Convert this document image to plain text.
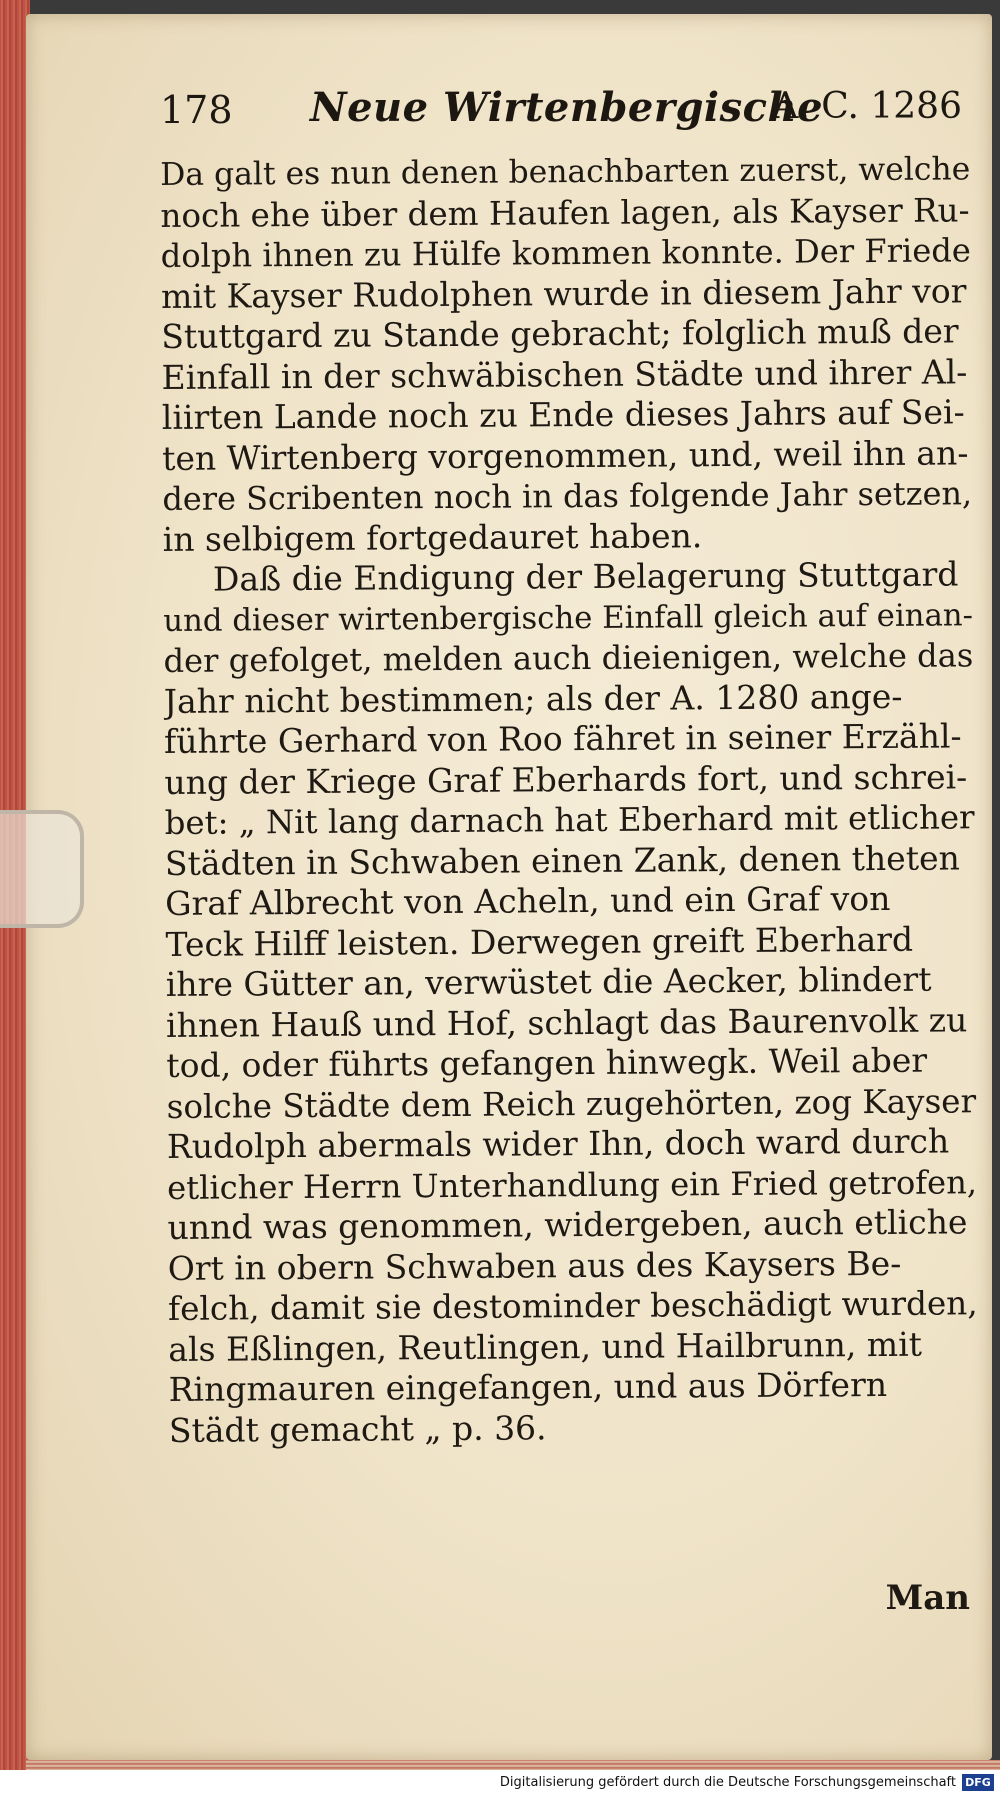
178 Neue Wirtenbergische
A. C. 1286
Da galt es nun denen benachbarten zuerst, welche
noch ehe über dem Haufen lagen, als Kayser Ru-
dolph ihnen zu Hülfe kommen konnte. Der Friede
mit Kayser Rudolphen wurde in diesem Jahr vor
Stuttgard zu Stande gebracht; folglich muß der
Einfall in der schwäbischen Städte und ihrer Al-
liirten Lande noch zu Ende dieses Jahrs auf Sei-
ten Wirtenberg vorgenommen, und, weil ihn an-
dere Scribenten noch in das folgende Jahr setzen,
in selbigem fortgedauret haben.
Daß die Endigung der Belagerung Stuttgard
und dieser wirtenbergische Einfall gleich auf einan-
der gefolget, melden auch dieienigen, welche das
Jahr nicht bestimmen; als der A. 1280 ange-
führte Gerhard von Roo fähret in seiner Erzähl-
ung der Kriege Graf Eberhards fort, und schrei-
bet: „ Nit lang darnach hat Eberhard mit etlicher
Städten in Schwaben einen Zank, denen theten
Graf Albrecht von Acheln, und ein Graf von
Teck Hilff leisten. Derwegen greift Eberhard
ihre Gütter an, verwüstet die Aecker, blindert
ihnen Hauß und Hof, schlagt das Baurenvolk zu
tod, oder führts gefangen hinwegk. Weil aber
solche Städte dem Reich zugehörten, zog Kayser
Rudolph abermals wider Ihn, doch ward durch
etlicher Herrn Unterhandlung ein Fried getrofen,
unnd was genommen, widergeben, auch etliche
Ort in obern Schwaben aus des Kaysers Be-
felch, damit sie destominder beschädigt wurden,
als Eßlingen, Reutlingen, und Hailbrunn, mit
Ringmauren eingefangen, und aus Dörfern
Städt gemacht „ p. 36.
Man
Digitalisierung gefördert durch die Deutsche Forschungsgemeinschaft DFG
